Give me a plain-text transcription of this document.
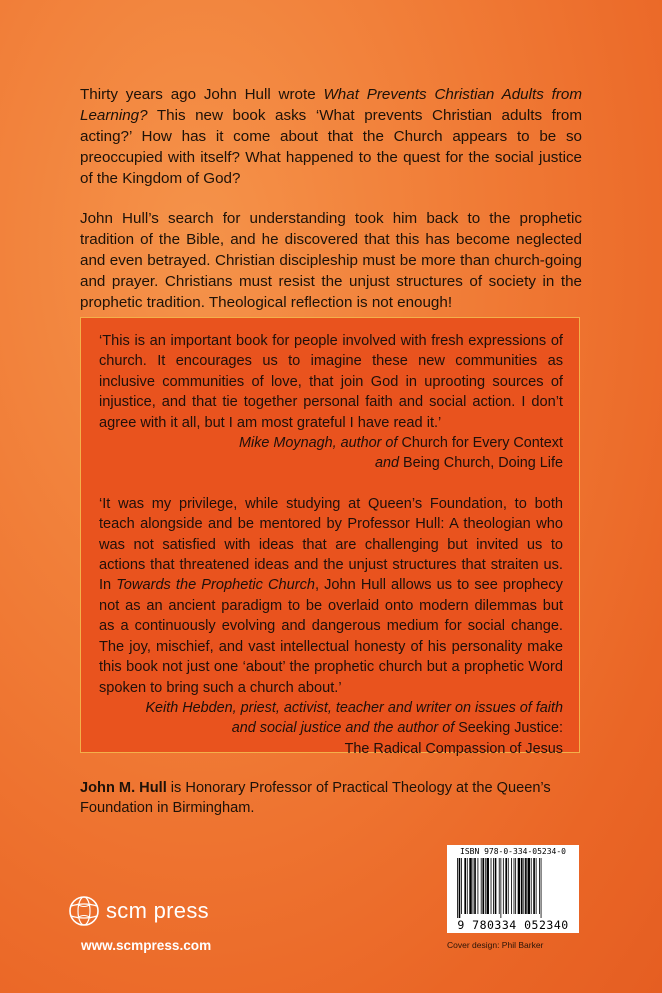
Thirty years ago John Hull wrote What Prevents Christian Adults from Learning? This new book asks ‘What prevents Christian adults from acting?’ How has it come about that the Church appears to be so preoccupied with itself? What happened to the quest for the social justice of the Kingdom of God?

John Hull’s search for understanding took him back to the prophetic tradition of the Bible, and he discovered that this has become neglected and even betrayed. Christian discipleship must be more than church-going and prayer. Christians must resist the unjust structures of society in the prophetic tradition. Theological reflection is not enough!

‘This is an important book for people involved with fresh expressions of church. It encourages us to imagine these new communities as inclusive communities of love, that join God in uprooting sources of injustice, and that tie together personal faith and social action. I don’t agree with it all, but I am most grateful I have read it.’

Mike Moynagh, author of Church for Every Context
and Being Church, Doing Life

‘It was my privilege, while studying at Queen’s Foundation, to both teach alongside and be mentored by Professor Hull: A theologian who was not satisfied with ideas that are challenging but invited us to actions that threatened ideas and the unjust structures that straiten us. In Towards the Prophetic Church, John Hull allows us to see prophecy not as an ancient paradigm to be overlaid onto modern dilemmas but as a continuously evolving and dangerous medium for social change. The joy, mischief, and vast intellectual honesty of his personality make this book not just one ‘about’ the prophetic church but a prophetic Word spoken to bring such a church about.’

Keith Hebden, priest, activist, teacher and writer on issues of faith
and social justice and the author of Seeking Justice:
The Radical Compassion of Jesus
John M. Hull is Honorary Professor of Practical Theology at the Queen’s Foundation in Birmingham.
scm press
www.scmpress.com
ISBN 978-0-334-05234-0
9 780334 052340
Cover design: Phil Barker
